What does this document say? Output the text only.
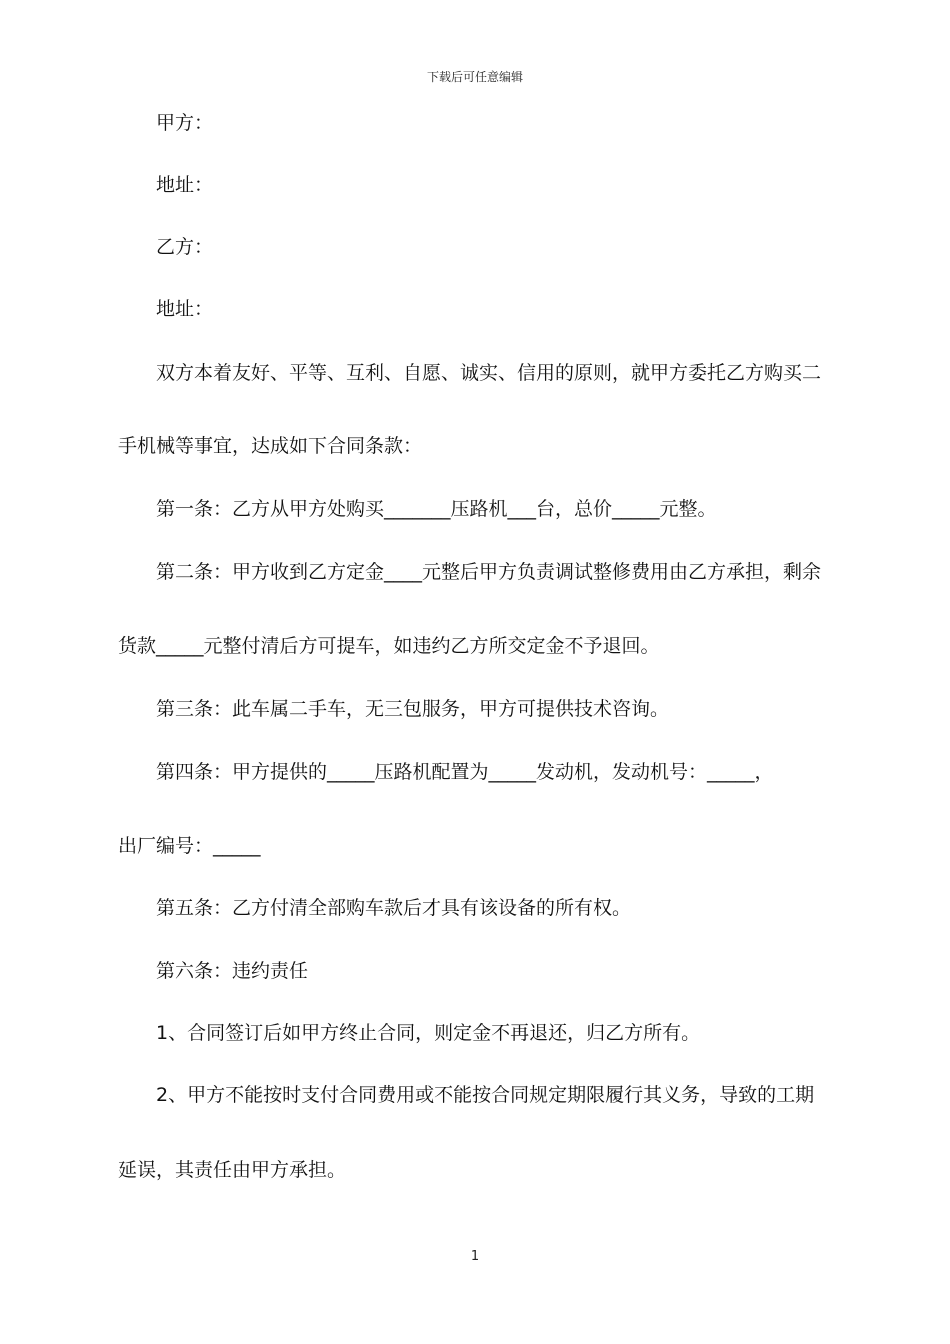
下载后可任意编辑
甲方：
地址：
乙方：
地址：
双方本着友好、平等、互利、自愿、诚实、信用的原则，就甲方委托乙方购买二
手机械等事宜，达成如下合同条款：
第一条：乙方从甲方处购买_______压路机___台，总价_____元整。
第二条：甲方收到乙方定金____元整后甲方负责调试整修费用由乙方承担，剩余
货款_____元整付清后方可提车，如违约乙方所交定金不予退回。
第三条：此车属二手车，无三包服务，甲方可提供技术咨询。
第四条：甲方提供的_____压路机配置为_____发动机，发动机号：_____，
出厂编号：_____
第五条：乙方付清全部购车款后才具有该设备的所有权。
第六条：违约责任
1、合同签订后如甲方终止合同，则定金不再退还，归乙方所有。
2、甲方不能按时支付合同费用或不能按合同规定期限履行其义务，导致的工期
延误，其责任由甲方承担。
1
